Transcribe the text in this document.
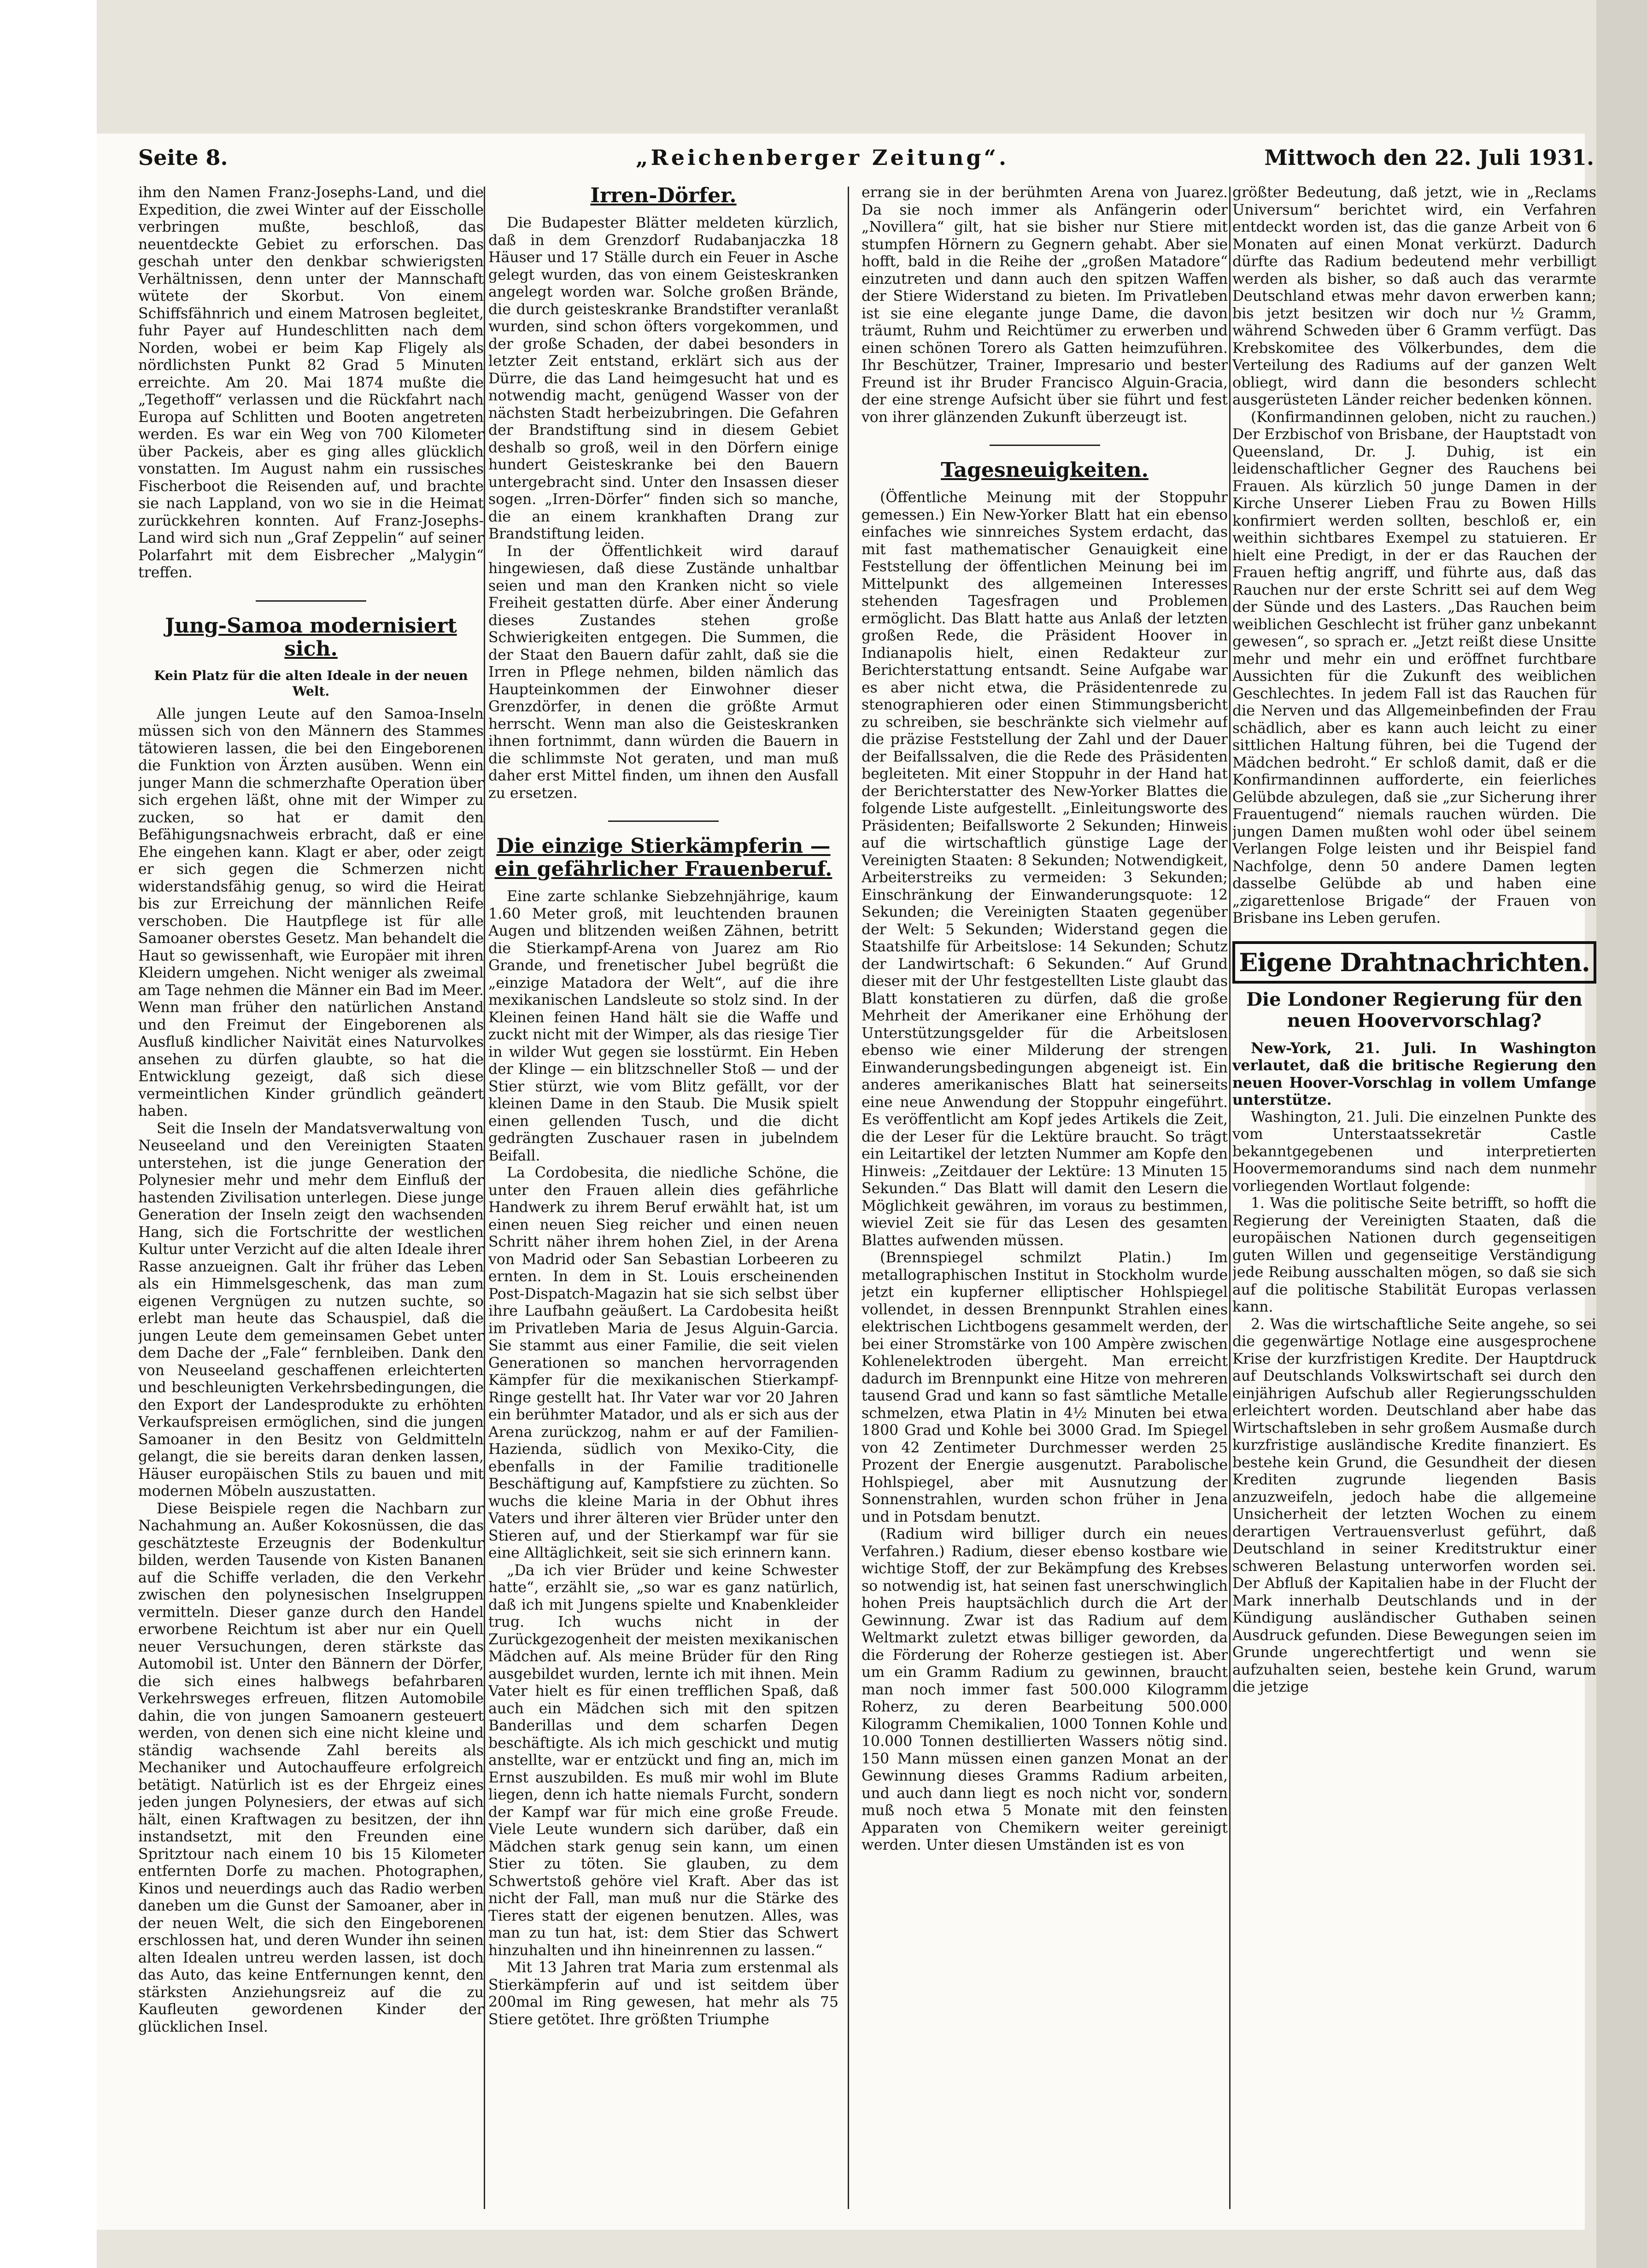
Seite 8.	„Reichenberger Zeitung“.	Mittwoch den 22. Juli 1931.

ihm den Namen Franz-Josephs-Land, und die Expedition, die zwei Winter auf der Eisscholle verbringen mußte, beschloß, das neuentdeckte Gebiet zu erforschen. Das geschah unter den denkbar schwierigsten Verhältnissen, denn unter der Mannschaft wütete der Skorbut. Von einem Schiffsfähnrich und einem Matrosen begleitet, fuhr Payer auf Hundeschlitten nach dem Norden, wobei er beim Kap Fligely als nördlichsten Punkt 82 Grad 5 Minuten erreichte. Am 20. Mai 1874 mußte die „Tegethoff“ verlassen und die Rückfahrt nach Europa auf Schlitten und Booten angetreten werden. Es war ein Weg von 700 Kilometer über Packeis, aber es ging alles glücklich vonstatten. Im August nahm ein russisches Fischerboot die Reisenden auf, und brachte sie nach Lappland, von wo sie in die Heimat zurückkehren konnten. Auf Franz-Josephs-Land wird sich nun „Graf Zeppelin“ auf seiner Polarfahrt mit dem Eisbrecher „Malygin“ treffen.

Jung-Samoa modernisiert sich.
Kein Platz für die alten Ideale in der neuen Welt.

Alle jungen Leute auf den Samoa-Inseln müssen sich von den Männern des Stammes tätowieren lassen, die bei den Eingeborenen die Funktion von Ärzten ausüben. Wenn ein junger Mann die schmerzhafte Operation über sich ergehen läßt, ohne mit der Wimper zu zucken, so hat er damit den Befähigungsnachweis erbracht, daß er eine Ehe eingehen kann. Klagt er aber, oder zeigt er sich gegen die Schmerzen nicht widerstandsfähig genug, so wird die Heirat bis zur Erreichung der männlichen Reife verschoben. Die Hautpflege ist für alle Samoaner oberstes Gesetz. Man behandelt die Haut so gewissenhaft, wie Europäer mit ihren Kleidern umgehen. Nicht weniger als zweimal am Tage nehmen die Männer ein Bad im Meer. Wenn man früher den natürlichen Anstand und den Freimut der Eingeborenen als Ausfluß kindlicher Naivität eines Naturvolkes ansehen zu dürfen glaubte, so hat die Entwicklung gezeigt, daß sich diese vermeintlichen Kinder gründlich geändert haben.

Seit die Inseln der Mandatsverwaltung von Neuseeland und den Vereinigten Staaten unterstehen, ist die junge Generation der Polynesier mehr und mehr dem Einfluß der hastenden Zivilisation unterlegen. Diese junge Generation der Inseln zeigt den wachsenden Hang, sich die Fortschritte der westlichen Kultur unter Verzicht auf die alten Ideale ihrer Rasse anzueignen. Galt ihr früher das Leben als ein Himmelsgeschenk, das man zum eigenen Vergnügen zu nutzen suchte, so erlebt man heute das Schauspiel, daß die jungen Leute dem gemeinsamen Gebet unter dem Dache der „Fale“ fernbleiben. Dank den von Neuseeland geschaffenen erleichterten und beschleunigten Verkehrsbedingungen, die den Export der Landesprodukte zu erhöhten Verkaufspreisen ermöglichen, sind die jungen Samoaner in den Besitz von Geldmitteln gelangt, die sie bereits daran denken lassen, Häuser europäischen Stils zu bauen und mit modernen Möbeln auszustatten.

Diese Beispiele regen die Nachbarn zur Nachahmung an. Außer Kokosnüssen, die das geschätzteste Erzeugnis der Bodenkultur bilden, werden Tausende von Kisten Bananen auf die Schiffe verladen, die den Verkehr zwischen den polynesischen Inselgruppen vermitteln. Dieser ganze durch den Handel erworbene Reichtum ist aber nur ein Quell neuer Versuchungen, deren stärkste das Automobil ist. Unter den Bännern der Dörfer, die sich eines halbwegs befahrbaren Verkehrsweges erfreuen, flitzen Automobile dahin, die von jungen Samoanern gesteuert werden, von denen sich eine nicht kleine und ständig wachsende Zahl bereits als Mechaniker und Autochauffeure erfolgreich betätigt. Natürlich ist es der Ehrgeiz eines jeden jungen Polynesiers, der etwas auf sich hält, einen Kraftwagen zu besitzen, der ihn instandsetzt, mit den Freunden eine Spritztour nach einem 10 bis 15 Kilometer entfernten Dorfe zu machen. Photographen, Kinos und neuerdings auch das Radio werben daneben um die Gunst der Samoaner, aber in der neuen Welt, die sich den Eingeborenen erschlossen hat, und deren Wunder ihn seinen alten Idealen untreu werden lassen, ist doch das Auto, das keine Entfernungen kennt, den stärksten Anziehungsreiz auf die zu Kaufleuten gewordenen Kinder der glücklichen Insel.

Irren-Dörfer.

Die Budapester Blätter meldeten kürzlich, daß in dem Grenzdorf Rudabanjaczka 18 Häuser und 17 Ställe durch ein Feuer in Asche gelegt wurden, das von einem Geisteskranken angelegt worden war. Solche großen Brände, die durch geisteskranke Brandstifter veranlaßt wurden, sind schon öfters vorgekommen, und der große Schaden, der dabei besonders in letzter Zeit entstand, erklärt sich aus der Dürre, die das Land heimgesucht hat und es notwendig macht, genügend Wasser von der nächsten Stadt herbeizubringen. Die Gefahren der Brandstiftung sind in diesem Gebiet deshalb so groß, weil in den Dörfern einige hundert Geisteskranke bei den Bauern untergebracht sind. Unter den Insassen dieser sogen. „Irren-Dörfer“ finden sich so manche, die an einem krankhaften Drang zur Brandstiftung leiden.

In der Öffentlichkeit wird darauf hingewiesen, daß diese Zustände unhaltbar seien und man den Kranken nicht so viele Freiheit gestatten dürfe. Aber einer Änderung dieses Zustandes stehen große Schwierigkeiten entgegen. Die Summen, die der Staat den Bauern dafür zahlt, daß sie die Irren in Pflege nehmen, bilden nämlich das Haupteinkommen der Einwohner dieser Grenzdörfer, in denen die größte Armut herrscht. Wenn man also die Geisteskranken ihnen fortnimmt, dann würden die Bauern in die schlimmste Not geraten, und man muß daher erst Mittel finden, um ihnen den Ausfall zu ersetzen.

Die einzige Stierkämpferin — ein gefährlicher Frauenberuf.

Eine zarte schlanke Siebzehnjährige, kaum 1.60 Meter groß, mit leuchtenden braunen Augen und blitzenden weißen Zähnen, betritt die Stierkampf-Arena von Juarez am Rio Grande, und frenetischer Jubel begrüßt die „einzige Matadora der Welt“, auf die ihre mexikanischen Landsleute so stolz sind. In der Kleinen feinen Hand hält sie die Waffe und zuckt nicht mit der Wimper, als das riesige Tier in wilder Wut gegen sie losstürmt. Ein Heben der Klinge — ein blitzschneller Stoß — und der Stier stürzt, wie vom Blitz gefällt, vor der kleinen Dame in den Staub. Die Musik spielt einen gellenden Tusch, und die dicht gedrängten Zuschauer rasen in jubelndem Beifall.

La Cordobesita, die niedliche Schöne, die unter den Frauen allein dies gefährliche Handwerk zu ihrem Beruf erwählt hat, ist um einen neuen Sieg reicher und einen neuen Schritt näher ihrem hohen Ziel, in der Arena von Madrid oder San Sebastian Lorbeeren zu ernten. In dem in St. Louis erscheinenden Post-Dispatch-Magazin hat sie sich selbst über ihre Laufbahn geäußert. La Cardobesita heißt im Privatleben Maria de Jesus Alguin-Garcia. Sie stammt aus einer Familie, die seit vielen Generationen so manchen hervorragenden Kämpfer für die mexikanischen Stierkampf-Ringe gestellt hat. Ihr Vater war vor 20 Jahren ein berühmter Matador, und als er sich aus der Arena zurückzog, nahm er auf der Familien-Hazienda, südlich von Mexiko-City, die ebenfalls in der Familie traditionelle Beschäftigung auf, Kampfstiere zu züchten. So wuchs die kleine Maria in der Obhut ihres Vaters und ihrer älteren vier Brüder unter den Stieren auf, und der Stierkampf war für sie eine Alltäglichkeit, seit sie sich erinnern kann.

„Da ich vier Brüder und keine Schwester hatte“, erzählt sie, „so war es ganz natürlich, daß ich mit Jungens spielte und Knabenkleider trug. Ich wuchs nicht in der Zurückgezogenheit der meisten mexikanischen Mädchen auf. Als meine Brüder für den Ring ausgebildet wurden, lernte ich mit ihnen. Mein Vater hielt es für einen trefflichen Spaß, daß auch ein Mädchen sich mit den spitzen Banderillas und dem scharfen Degen beschäftigte. Als ich mich geschickt und mutig anstellte, war er entzückt und fing an, mich im Ernst auszubilden. Es muß mir wohl im Blute liegen, denn ich hatte niemals Furcht, sondern der Kampf war für mich eine große Freude. Viele Leute wundern sich darüber, daß ein Mädchen stark genug sein kann, um einen Stier zu töten. Sie glauben, zu dem Schwertstoß gehöre viel Kraft. Aber das ist nicht der Fall, man muß nur die Stärke des Tieres statt der eigenen benutzen. Alles, was man zu tun hat, ist: dem Stier das Schwert hinzuhalten und ihn hineinrennen zu lassen.“

Mit 13 Jahren trat Maria zum erstenmal als Stierkämpferin auf und ist seitdem über 200mal im Ring gewesen, hat mehr als 75 Stiere getötet. Ihre größten Triumphe

errang sie in der berühmten Arena von Juarez. Da sie noch immer als Anfängerin oder „Novillera“ gilt, hat sie bisher nur Stiere mit stumpfen Hörnern zu Gegnern gehabt. Aber sie hofft, bald in die Reihe der „großen Matadore“ einzutreten und dann auch den spitzen Waffen der Stiere Widerstand zu bieten. Im Privatleben ist sie eine elegante junge Dame, die davon träumt, Ruhm und Reichtümer zu erwerben und einen schönen Torero als Gatten heimzuführen. Ihr Beschützer, Trainer, Impresario und bester Freund ist ihr Bruder Francisco Alguin-Gracia, der eine strenge Aufsicht über sie führt und fest von ihrer glänzenden Zukunft überzeugt ist.

Tagesneuigkeiten.

(Öffentliche Meinung mit der Stoppuhr gemessen.) Ein New-Yorker Blatt hat ein ebenso einfaches wie sinnreiches System erdacht, das mit fast mathematischer Genauigkeit eine Feststellung der öffentlichen Meinung bei im Mittelpunkt des allgemeinen Interesses stehenden Tagesfragen und Problemen ermöglicht. Das Blatt hatte aus Anlaß der letzten großen Rede, die Präsident Hoover in Indianapolis hielt, einen Redakteur zur Berichterstattung entsandt. Seine Aufgabe war es aber nicht etwa, die Präsidentenrede zu stenographieren oder einen Stimmungsbericht zu schreiben, sie beschränkte sich vielmehr auf die präzise Feststellung der Zahl und der Dauer der Beifallssalven, die die Rede des Präsidenten begleiteten. Mit einer Stoppuhr in der Hand hat der Berichterstatter des New-Yorker Blattes die folgende Liste aufgestellt. „Einleitungsworte des Präsidenten; Beifallsworte 2 Sekunden; Hinweis auf die wirtschaftlich günstige Lage der Vereinigten Staaten: 8 Sekunden; Notwendigkeit, Arbeiterstreiks zu vermeiden: 3 Sekunden; Einschränkung der Einwanderungsquote: 12 Sekunden; die Vereinigten Staaten gegenüber der Welt: 5 Sekunden; Widerstand gegen die Staatshilfe für Arbeitslose: 14 Sekunden; Schutz der Landwirtschaft: 6 Sekunden.“ Auf Grund dieser mit der Uhr festgestellten Liste glaubt das Blatt konstatieren zu dürfen, daß die große Mehrheit der Amerikaner eine Erhöhung der Unterstützungsgelder für die Arbeitslosen ebenso wie einer Milderung der strengen Einwanderungsbedingungen abgeneigt ist. Ein anderes amerikanisches Blatt hat seinerseits eine neue Anwendung der Stoppuhr eingeführt. Es veröffentlicht am Kopf jedes Artikels die Zeit, die der Leser für die Lektüre braucht. So trägt ein Leitartikel der letzten Nummer am Kopfe den Hinweis: „Zeitdauer der Lektüre: 13 Minuten 15 Sekunden.“ Das Blatt will damit den Lesern die Möglichkeit gewähren, im voraus zu bestimmen, wieviel Zeit sie für das Lesen des gesamten Blattes aufwenden müssen.

(Brennspiegel schmilzt Platin.) Im metallographischen Institut in Stockholm wurde jetzt ein kupferner elliptischer Hohlspiegel vollendet, in dessen Brennpunkt Strahlen eines elektrischen Lichtbogens gesammelt werden, der bei einer Stromstärke von 100 Ampère zwischen Kohlenelektroden übergeht. Man erreicht dadurch im Brennpunkt eine Hitze von mehreren tausend Grad und kann so fast sämtliche Metalle schmelzen, etwa Platin in 4½ Minuten bei etwa 1800 Grad und Kohle bei 3000 Grad. Im Spiegel von 42 Zentimeter Durchmesser werden 25 Prozent der Energie ausgenutzt. Parabolische Hohlspiegel, aber mit Ausnutzung der Sonnenstrahlen, wurden schon früher in Jena und in Potsdam benutzt.

(Radium wird billiger durch ein neues Verfahren.) Radium, dieser ebenso kostbare wie wichtige Stoff, der zur Bekämpfung des Krebses so notwendig ist, hat seinen fast unerschwinglich hohen Preis hauptsächlich durch die Art der Gewinnung. Zwar ist das Radium auf dem Weltmarkt zuletzt etwas billiger geworden, da die Förderung der Roherze gestiegen ist. Aber um ein Gramm Radium zu gewinnen, braucht man noch immer fast 500.000 Kilogramm Roherz, zu deren Bearbeitung 500.000 Kilogramm Chemikalien, 1000 Tonnen Kohle und 10.000 Tonnen destillierten Wassers nötig sind. 150 Mann müssen einen ganzen Monat an der Gewinnung dieses Gramms Radium arbeiten, und auch dann liegt es noch nicht vor, sondern muß noch etwa 5 Monate mit den feinsten Apparaten von Chemikern weiter gereinigt werden. Unter diesen Umständen ist es von

größter Bedeutung, daß jetzt, wie in „Reclams Universum“ berichtet wird, ein Verfahren entdeckt worden ist, das die ganze Arbeit von 6 Monaten auf einen Monat verkürzt. Dadurch dürfte das Radium bedeutend mehr verbilligt werden als bisher, so daß auch das verarmte Deutschland etwas mehr davon erwerben kann; bis jetzt besitzen wir doch nur ½ Gramm, während Schweden über 6 Gramm verfügt. Das Krebskomitee des Völkerbundes, dem die Verteilung des Radiums auf der ganzen Welt obliegt, wird dann die besonders schlecht ausgerüsteten Länder reicher bedenken können.

(Konfirmandinnen geloben, nicht zu rauchen.) Der Erzbischof von Brisbane, der Hauptstadt von Queensland, Dr. J. Duhig, ist ein leidenschaftlicher Gegner des Rauchens bei Frauen. Als kürzlich 50 junge Damen in der Kirche Unserer Lieben Frau zu Bowen Hills konfirmiert werden sollten, beschloß er, ein weithin sichtbares Exempel zu statuieren. Er hielt eine Predigt, in der er das Rauchen der Frauen heftig angriff, und führte aus, daß das Rauchen nur der erste Schritt sei auf dem Weg der Sünde und des Lasters. „Das Rauchen beim weiblichen Geschlecht ist früher ganz unbekannt gewesen“, so sprach er. „Jetzt reißt diese Unsitte mehr und mehr ein und eröffnet furchtbare Aussichten für die Zukunft des weiblichen Geschlechtes. In jedem Fall ist das Rauchen für die Nerven und das Allgemeinbefinden der Frau schädlich, aber es kann auch leicht zu einer sittlichen Haltung führen, bei die Tugend der Mädchen bedroht.“ Er schloß damit, daß er die Konfirmandinnen aufforderte, ein feierliches Gelübde abzulegen, daß sie „zur Sicherung ihrer Frauentugend“ niemals rauchen würden. Die jungen Damen mußten wohl oder übel seinem Verlangen Folge leisten und ihr Beispiel fand Nachfolge, denn 50 andere Damen legten dasselbe Gelübde ab und haben eine „zigarettenlose Brigade“ der Frauen von Brisbane ins Leben gerufen.

Eigene Drahtnachrichten.
Die Londoner Regierung für den neuen Hoovervorschlag?

New-York, 21. Juli. In Washington verlautet, daß die britische Regierung den neuen Hoover-Vorschlag in vollem Umfange unterstütze.

Washington, 21. Juli. Die einzelnen Punkte des vom Unterstaatssekretär Castle bekanntgegebenen und interpretierten Hoovermemorandums sind nach dem nunmehr vorliegenden Wortlaut folgende:

1. Was die politische Seite betrifft, so hofft die Regierung der Vereinigten Staaten, daß die europäischen Nationen durch gegenseitigen guten Willen und gegenseitige Verständigung jede Reibung ausschalten mögen, so daß sie sich auf die politische Stabilität Europas verlassen kann.

2. Was die wirtschaftliche Seite angehe, so sei die gegenwärtige Notlage eine ausgesprochene Krise der kurzfristigen Kredite. Der Hauptdruck auf Deutschlands Volkswirtschaft sei durch den einjährigen Aufschub aller Regierungsschulden erleichtert worden. Deutschland aber habe das Wirtschaftsleben in sehr großem Ausmaße durch kurzfristige ausländische Kredite finanziert. Es bestehe kein Grund, die Gesundheit der diesen Krediten zugrunde liegenden Basis anzuzweifeln, jedoch habe die allgemeine Unsicherheit der letzten Wochen zu einem derartigen Vertrauensverlust geführt, daß Deutschland in seiner Kreditstruktur einer schweren Belastung unterworfen worden sei. Der Abfluß der Kapitalien habe in der Flucht der Mark innerhalb Deutschlands und in der Kündigung ausländischer Guthaben seinen Ausdruck gefunden. Diese Bewegungen seien im Grunde ungerechtfertigt und wenn sie aufzuhalten seien, bestehe kein Grund, warum die jetzige
